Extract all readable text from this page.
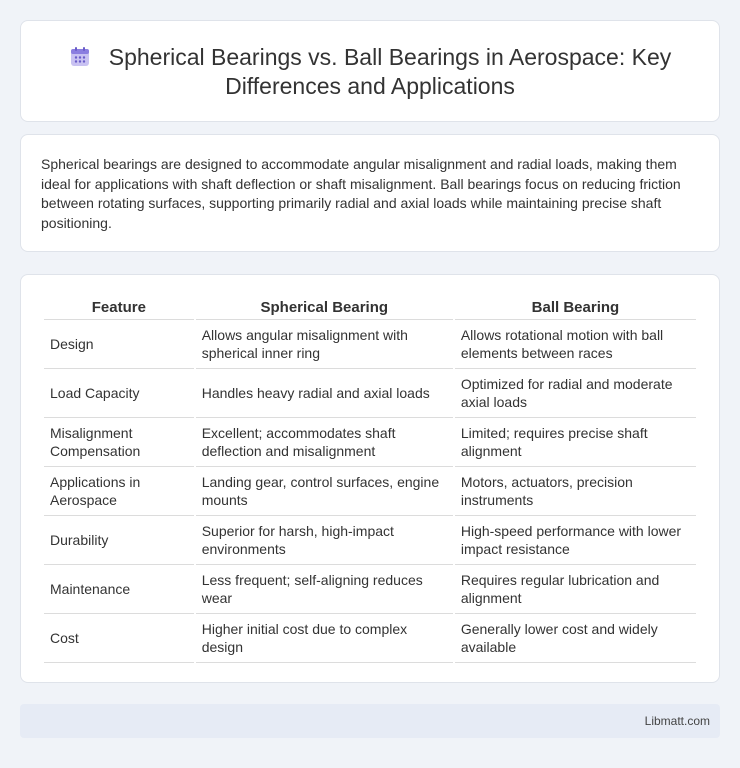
Spherical Bearings vs. Ball Bearings in Aerospace: Key Differences and Applications

Spherical bearings are designed to accommodate angular misalignment and radial loads, making them ideal for applications with shaft deflection or shaft misalignment. Ball bearings focus on reducing friction between rotating surfaces, supporting primarily radial and axial loads while maintaining precise shaft positioning.

Feature	Spherical Bearing	Ball Bearing
Design	Allows angular misalignment with spherical inner ring	Allows rotational motion with ball elements between races
Load Capacity	Handles heavy radial and axial loads	Optimized for radial and moderate axial loads
Misalignment Compensation	Excellent; accommodates shaft deflection and misalignment	Limited; requires precise shaft alignment
Applications in Aerospace	Landing gear, control surfaces, engine mounts	Motors, actuators, precision instruments
Durability	Superior for harsh, high-impact environments	High-speed performance with lower impact resistance
Maintenance	Less frequent; self-aligning reduces wear	Requires regular lubrication and alignment
Cost	Higher initial cost due to complex design	Generally lower cost and widely available
Libmatt.com
